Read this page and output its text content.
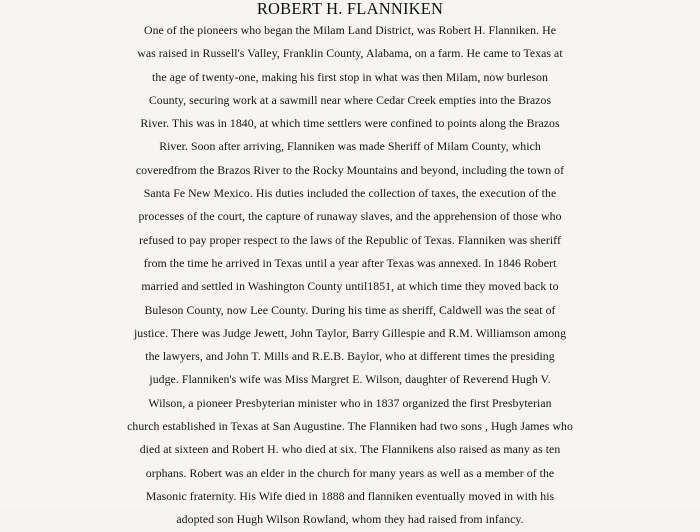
ROBERT H. FLANNIKEN
One of the pioneers who began the Milam Land District, was Robert H. Flanniken. He
was raised in Russell's Valley, Franklin County, Alabama, on a farm. He came to Texas at
the age of twenty-one, making his first stop in what was then Milam, now burleson
County, securing work at a sawmill near where Cedar Creek empties into the Brazos
River. This was in 1840, at which time settlers were confined to points along the Brazos
River. Soon after arriving, Flanniken was made Sheriff of Milam County, which
coveredfrom the Brazos River to the Rocky Mountains and beyond, including the town of
Santa Fe New Mexico. His duties included the collection of taxes, the execution of the
processes of the court, the capture of runaway slaves, and the apprehension of those who
refused to pay proper respect to the laws of the Republic of Texas. Flanniken was sheriff
from the time he arrived in Texas until a year after Texas was annexed. In 1846 Robert
married and settled in Washington County until1851, at which time they moved back to
Buleson County, now Lee County. During his time as sheriff, Caldwell was the seat of
justice. There was Judge Jewett, John Taylor, Barry Gillespie and R.M. Williamson among
the lawyers, and John T. Mills and R.E.B. Baylor, who at different times the presiding
judge. Flanniken's wife was Miss Margret E. Wilson, daughter of Reverend Hugh V.
Wilson, a pioneer Presbyterian minister who in 1837 organized the first Presbyterian
church established in Texas at San Augustine. The Flanniken had two sons , Hugh James who
died at sixteen and Robert H. who died at six. The Flannikens also raised as many as ten
orphans. Robert was an elder in the church for many years as well as a member of the
Masonic fraternity. His Wife died in 1888 and flanniken eventually moved in with his
adopted son Hugh Wilson Rowland, whom they had raised from infancy.
